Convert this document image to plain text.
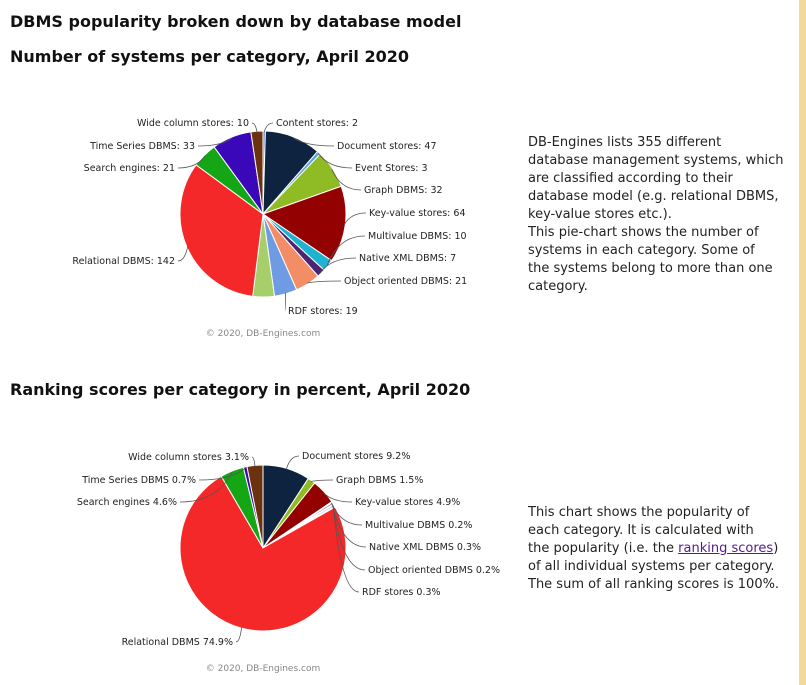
DBMS popularity broken down by database model
Number of systems per category, April 2020
Ranking scores per category in percent, April 2020
Content stores: 2
Document stores: 47
Event Stores: 3
Graph DBMS: 32
Key-value stores: 64
Multivalue DBMS: 10
Native XML DBMS: 7
Object oriented DBMS: 21
RDF stores: 19
Relational DBMS: 142
Search engines: 21
Time Series DBMS: 33
Wide column stores: 10
© 2020, DB-Engines.com
Document stores 9.2%
Graph DBMS 1.5%
Key-value stores 4.9%
Multivalue DBMS 0.2%
Native XML DBMS 0.3%
Object oriented DBMS 0.2%
RDF stores 0.3%
Relational DBMS 74.9%
Search engines 4.6%
Time Series DBMS 0.7%
Wide column stores 3.1%
© 2020, DB-Engines.com
DB-Engines lists 355 different
database management systems, which
are classified according to their
database model (e.g. relational DBMS,
key-value stores etc.).
This pie-chart shows the number of
systems in each category. Some of
the systems belong to more than one
category.
This chart shows the popularity of
each category. It is calculated with
the popularity (i.e. the ranking scores)
of all individual systems per category.
The sum of all ranking scores is 100%.
